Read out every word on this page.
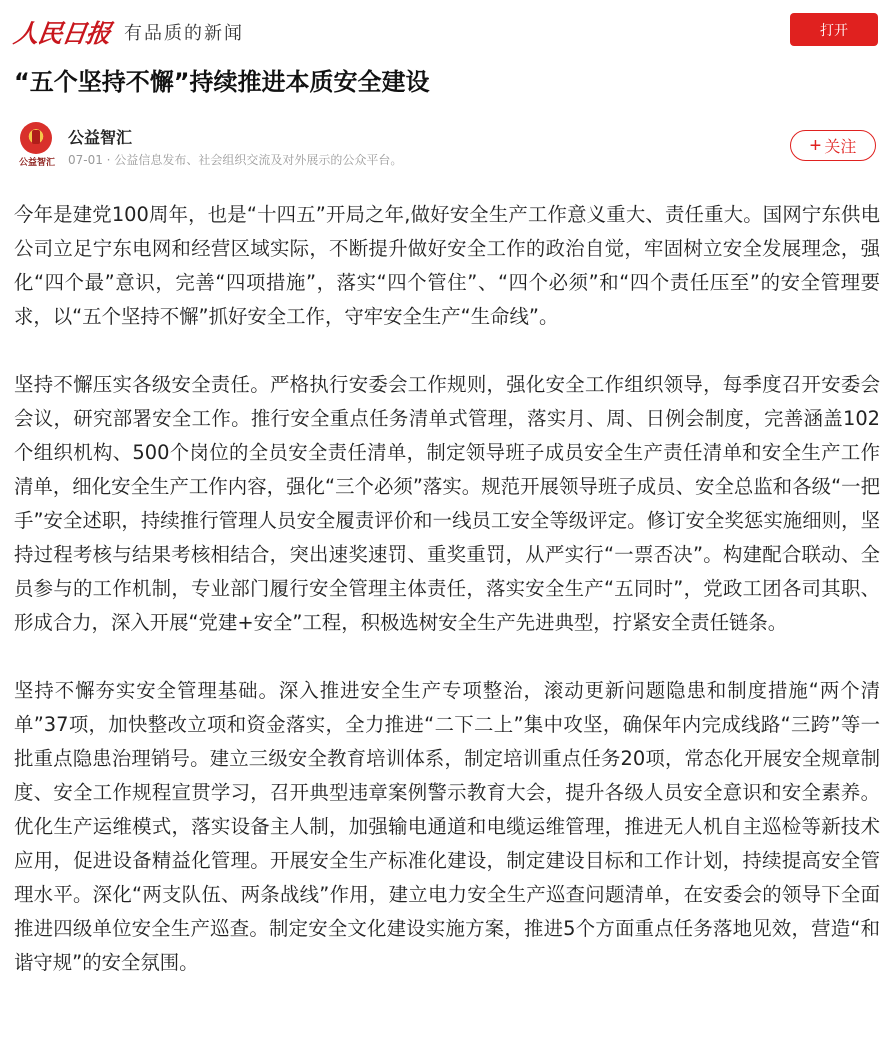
人民日报 有品质的新闻	打开
“五个坚持不懈”持续推进本质安全建设
公益智汇
公益智汇
07-01 · 公益信息发布、社会组织交流及对外展示的公众平台。
+ 关注

今年是建党100周年，也是“十四五”开局之年,做好安全生产工作意义重大、责任重大。国网宁东供电公司立足宁东电网和经营区域实际，不断提升做好安全工作的政治自觉，牢固树立安全发展理念，强化“四个最”意识，完善“四项措施”，落实“四个管住”、“四个必须”和“四个责任压至”的安全管理要求，以“五个坚持不懈”抓好安全工作，守牢安全生产“生命线”。

坚持不懈压实各级安全责任。严格执行安委会工作规则，强化安全工作组织领导，每季度召开安委会会议，研究部署安全工作。推行安全重点任务清单式管理，落实月、周、日例会制度，完善涵盖102个组织机构、500个岗位的全员安全责任清单，制定领导班子成员安全生产责任清单和安全生产工作清单，细化安全生产工作内容，强化“三个必须”落实。规范开展领导班子成员、安全总监和各级“一把手”安全述职，持续推行管理人员安全履责评价和一线员工安全等级评定。修订安全奖惩实施细则，坚持过程考核与结果考核相结合，突出速奖速罚、重奖重罚，从严实行“一票否决”。构建配合联动、全员参与的工作机制，专业部门履行安全管理主体责任，落实安全生产“五同时”，党政工团各司其职、形成合力，深入开展“党建+安全”工程，积极选树安全生产先进典型，拧紧安全责任链条。

坚持不懈夯实安全管理基础。深入推进安全生产专项整治，滚动更新问题隐患和制度措施“两个清单”37项，加快整改立项和资金落实，全力推进“二下二上”集中攻坚，确保年内完成线路“三跨”等一批重点隐患治理销号。建立三级安全教育培训体系，制定培训重点任务20项，常态化开展安全规章制度、安全工作规程宣贯学习，召开典型违章案例警示教育大会，提升各级人员安全意识和安全素养。优化生产运维模式，落实设备主人制，加强输电通道和电缆运维管理，推进无人机自主巡检等新技术应用，促进设备精益化管理。开展安全生产标准化建设，制定建设目标和工作计划，持续提高安全管理水平。深化“两支队伍、两条战线”作用，建立电力安全生产巡查问题清单，在安委会的领导下全面推进四级单位安全生产巡查。制定安全文化建设实施方案，推进5个方面重点任务落地见效，营造“和谐守规”的安全氛围。
